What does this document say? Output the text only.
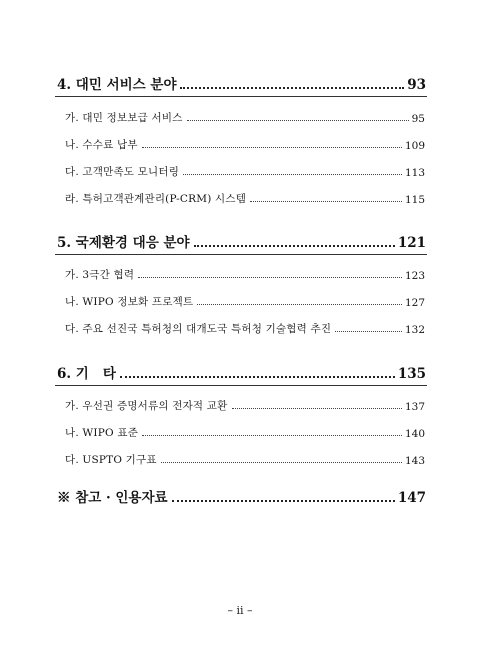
4. 대민 서비스 분야	93
가. 대민 정보보급 서비스	95
나. 수수료 납부	109
다. 고객만족도 모니터링	113
라. 특허고객관계관리(P-CRM) 시스템	115
5. 국제환경 대응 분야	121
가. 3극간 협력	123
나. WIPO 정보화 프로젝트	127
다. 주요 선진국 특허청의 대개도국 특허청 기술협력 추진	132
6. 기   타	135
가. 우선권 증명서류의 전자적 교환	137
나. WIPO 표준	140
다. USPTO 기구표	143
※ 참고 · 인용자료	147
– ii –
